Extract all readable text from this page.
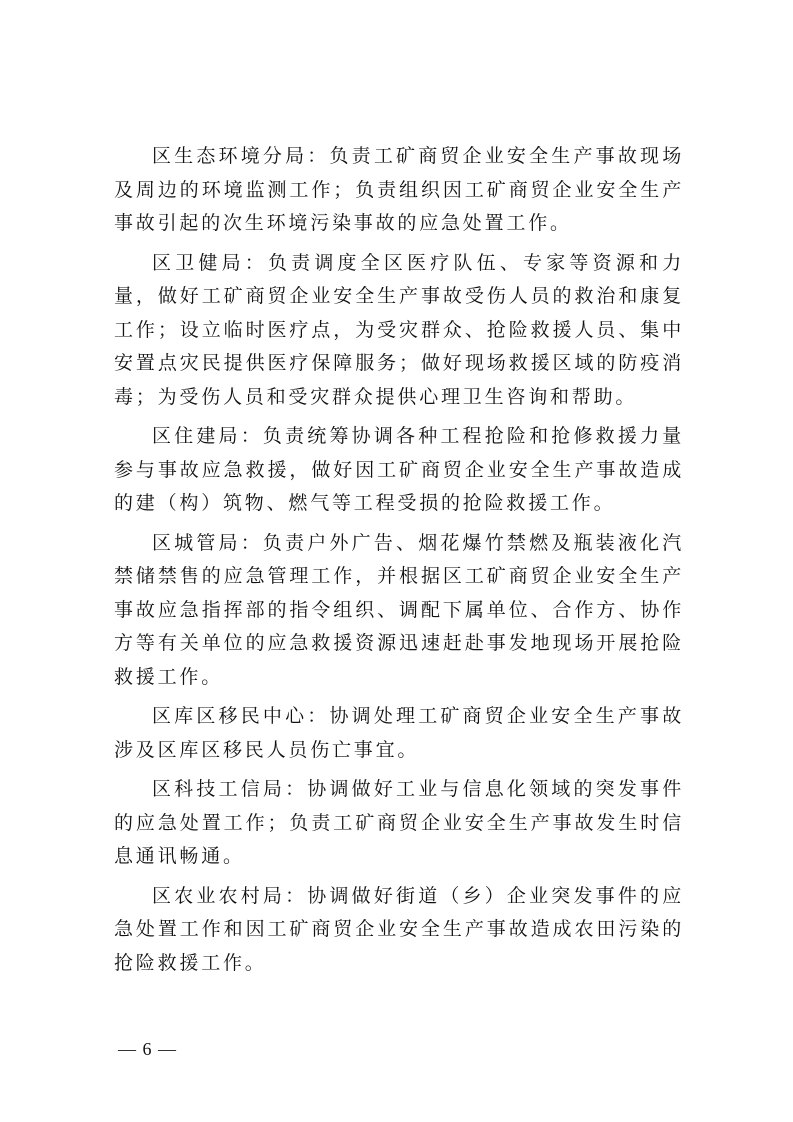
区生态环境分局：负责工矿商贸企业安全生产事故现场及周边的环境监测工作；负责组织因工矿商贸企业安全生产事故引起的次生环境污染事故的应急处置工作。

区卫健局：负责调度全区医疗队伍、专家等资源和力量，做好工矿商贸企业安全生产事故受伤人员的救治和康复工作；设立临时医疗点，为受灾群众、抢险救援人员、集中安置点灾民提供医疗保障服务；做好现场救援区域的防疫消毒；为受伤人员和受灾群众提供心理卫生咨询和帮助。

区住建局：负责统筹协调各种工程抢险和抢修救援力量参与事故应急救援，做好因工矿商贸企业安全生产事故造成的建（构）筑物、燃气等工程受损的抢险救援工作。

区城管局：负责户外广告、烟花爆竹禁燃及瓶装液化汽禁储禁售的应急管理工作，并根据区工矿商贸企业安全生产事故应急指挥部的指令组织、调配下属单位、合作方、协作方等有关单位的应急救援资源迅速赶赴事发地现场开展抢险救援工作。

区库区移民中心：协调处理工矿商贸企业安全生产事故涉及区库区移民人员伤亡事宜。

区科技工信局：协调做好工业与信息化领域的突发事件的应急处置工作；负责工矿商贸企业安全生产事故发生时信息通讯畅通。

区农业农村局：协调做好街道（乡）企业突发事件的应急处置工作和因工矿商贸企业安全生产事故造成农田污染的抢险救援工作。

— 6 —
